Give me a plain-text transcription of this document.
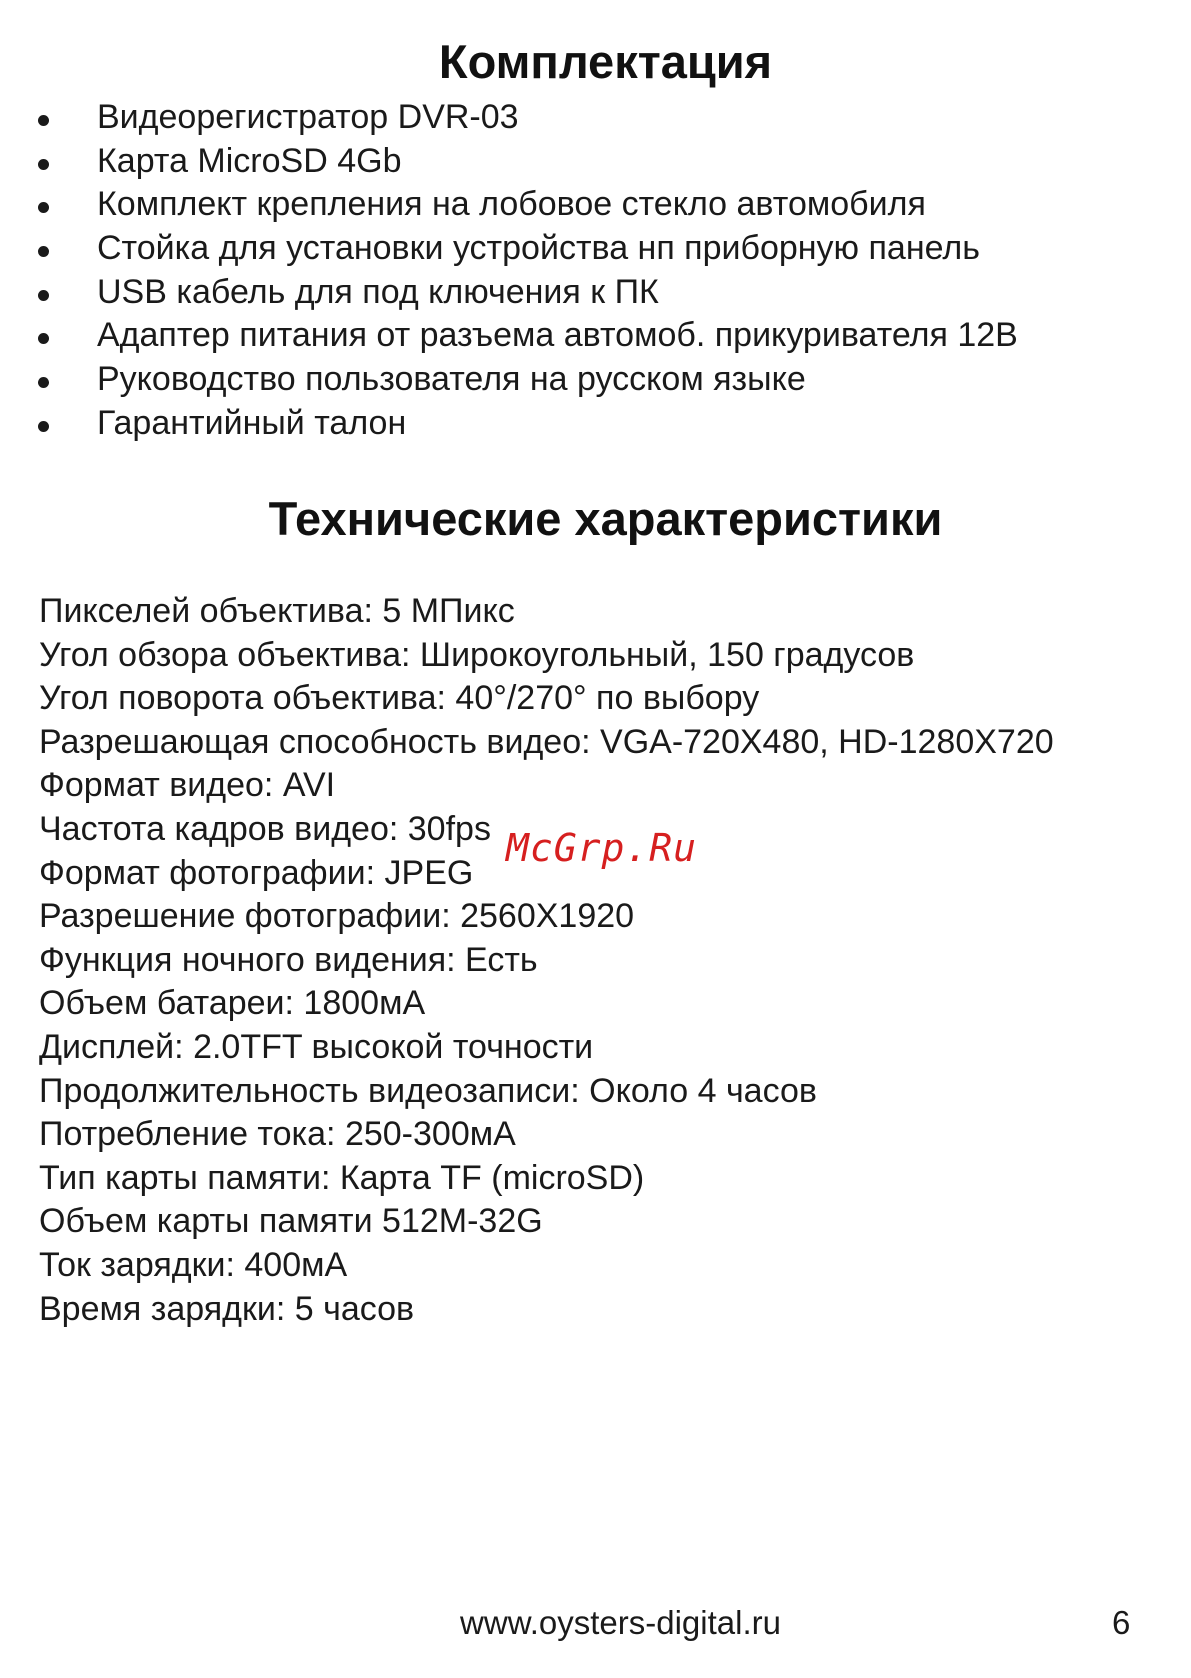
Комплектация
Видеорегистратор DVR-03
Карта MicroSD 4Gb
Комплект крепления на лобовое стекло автомобиля
Стойка для установки устройства нп приборную панель
USB кабель для под ключения к ПК
Адаптер питания от разъема автомоб. прикуривателя 12В
Руководство пользователя на русском языке
Гарантийный талон
Технические характеристики
Пикселей объектива: 5 МПикс
Угол обзора объектива: Широкоугольный, 150 градусов
Угол поворота объектива: 40°/270° по выбору
Разрешающая способность видео: VGA-720X480, HD-1280X720
Формат видео: AVI
Частота кадров видео: 30fps
Формат фотографии: JPEG
Разрешение фотографии: 2560X1920
Функция ночного видения: Есть
Объем батареи: 1800мА
Дисплей: 2.0TFT высокой точности
Продолжительность видеозаписи: Около 4 часов
Потребление тока: 250-300мА
Тип карты памяти: Карта TF (microSD)
Объем карты памяти 512M-32G
Ток зарядки: 400мА
Время зарядки: 5 часов
McGrp.Ru
www.oysters-digital.ru	6
